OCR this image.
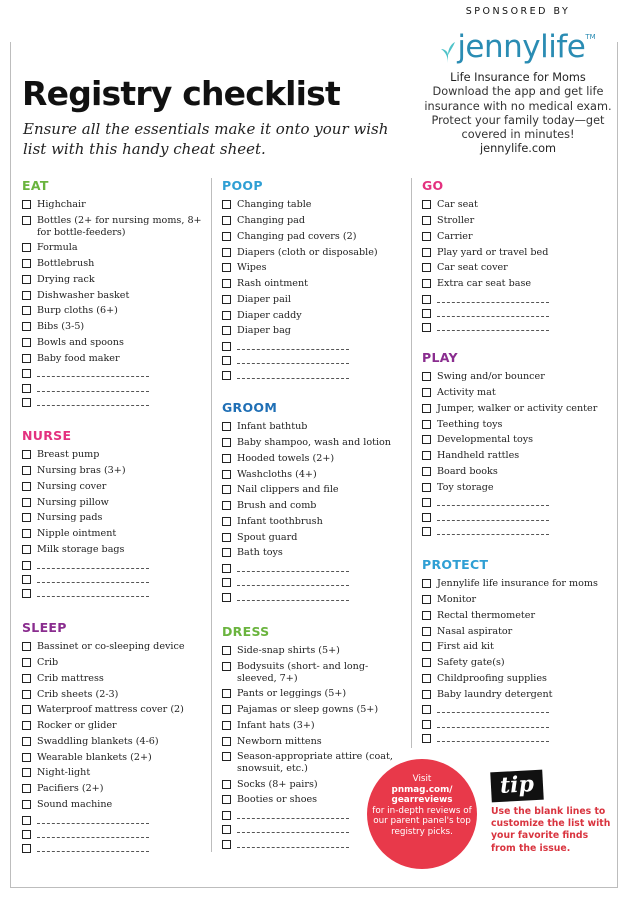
Registry checklist

Ensure all the essentials make it onto your wish list with this handy cheat sheet.

SPONSORED BY
jennylife TM
Life Insurance for Moms
Download the app and get life insurance with no medical exam. Protect your family today—get covered in minutes!
jennylife.com
EAT
Highchair
Bottles (2+ for nursing moms, 8+ for bottle-feeders)
Formula
Bottlebrush
Drying rack
Dishwasher basket
Burp cloths (6+)
Bibs (3-5)
Bowls and spoons
Baby food maker
NURSE
Breast pump
Nursing bras (3+)
Nursing cover
Nursing pillow
Nursing pads
Nipple ointment
Milk storage bags
SLEEP
Bassinet or co-sleeping device
Crib
Crib mattress
Crib sheets (2-3)
Waterproof mattress cover (2)
Rocker or glider
Swaddling blankets (4-6)
Wearable blankets (2+)
Night-light
Pacifiers (2+)
Sound machine
POOP
Changing table
Changing pad
Changing pad covers (2)
Diapers (cloth or disposable)
Wipes
Rash ointment
Diaper pail
Diaper caddy
Diaper bag
GROOM
Infant bathtub
Baby shampoo, wash and lotion
Hooded towels (2+)
Washcloths (4+)
Nail clippers and file
Brush and comb
Infant toothbrush
Spout guard
Bath toys
DRESS
Side-snap shirts (5+)
Bodysuits (short- and long-sleeved, 7+)
Pants or leggings (5+)
Pajamas or sleep gowns (5+)
Infant hats (3+)
Newborn mittens
Season-appropriate attire (coat, snowsuit, etc.)
Socks (8+ pairs)
Booties or shoes
GO
Car seat
Stroller
Carrier
Play yard or travel bed
Car seat cover
Extra car seat base
PLAY
Swing and/or bouncer
Activity mat
Jumper, walker or activity center
Teething toys
Developmental toys
Handheld rattles
Board books
Toy storage
PROTECT
Jennylife life insurance for moms
Monitor
Rectal thermometer
Nasal aspirator
First aid kit
Safety gate(s)
Childproofing supplies
Baby laundry detergent
Visit
pnmag.com/ gearreviews
for in-depth reviews of our parent panel's top registry picks.
tip
Use the blank lines to customize the list with your favorite finds from the issue.
